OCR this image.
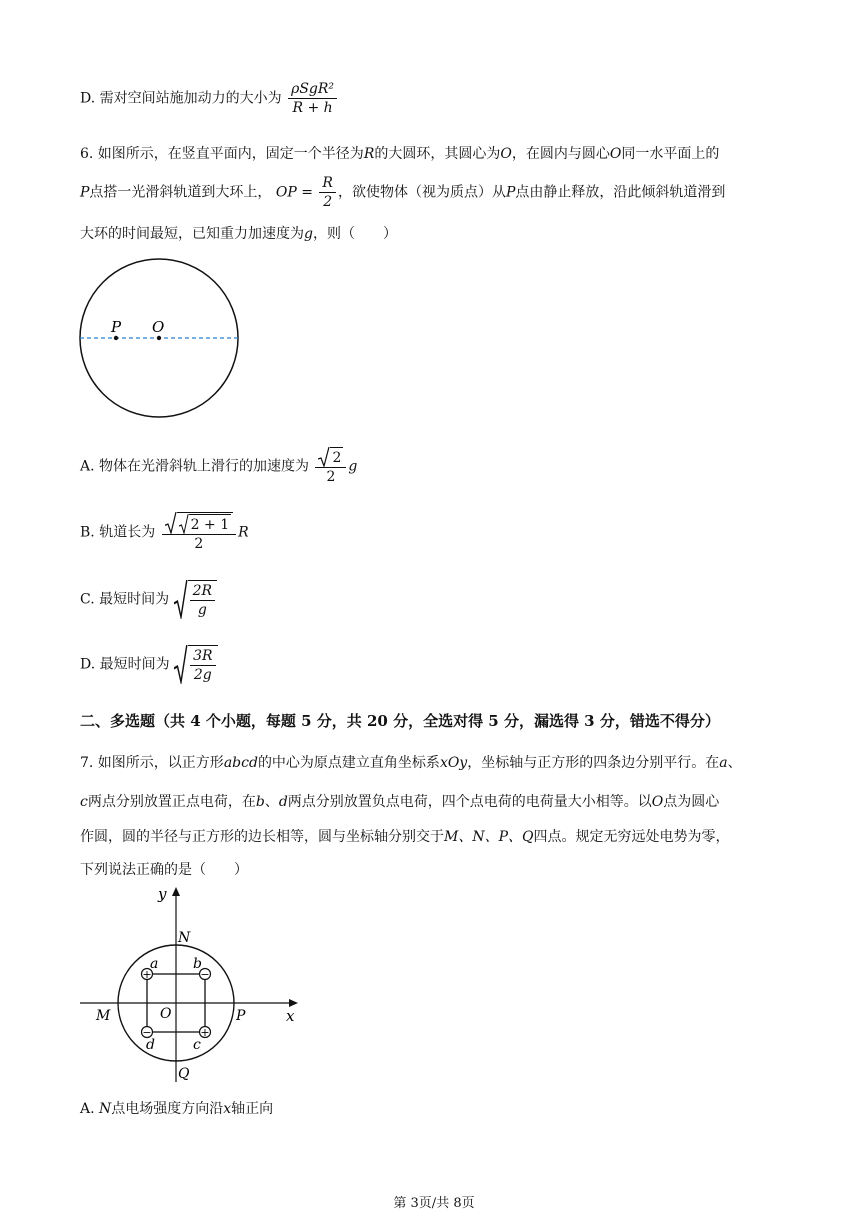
D. 需对空间站施加动力的大小为 $\frac{\text{ρSgR²}}{R + h}$
6. 如图所示，在竖直平面内，固定一个半径为R的大圆环，其圆心为O，在圆内与圆心O同一水平面上的
P点搭一光滑斜轨道到大环上， OP = $\frac{R}{2}$ ，欲使物体（视为质点）从P点由静止释放，沿此倾斜轨道滑到
大环的时间最短，已知重力加速度为g，则（　　）
P O
A. 物体在光滑斜轨上滑行的加速度为 $\frac{2}{2}$ g
B. 轨道长为 $\frac{2 + 1}{2}$ R
C. 最短时间为 $\frac{2R}{g}$
D. 最短时间为 $\frac{3R}{2g}$
二、多选题（共 4 个小题，每题 5 分，共 20 分，全选对得 5 分，漏选得 3 分，错选不得分）
7. 如图所示，以正方形abcd的中心为原点建立直角坐标系xOy，坐标轴与正方形的四条边分别平行。在a、
c两点分别放置正点电荷，在b、d两点分别放置负点电荷，四个点电荷的电荷量大小相等。以O点为圆心
作圆，圆的半径与正方形的边长相等，圆与坐标轴分别交于M、N、P、Q四点。规定无穷远处电势为零，
下列说法正确的是（　　）
+	−
+
−
y
x
N
M	O	P
Q
a b
c
d
A. N点电场强度方向沿x轴正向
第 3页/共 8页
